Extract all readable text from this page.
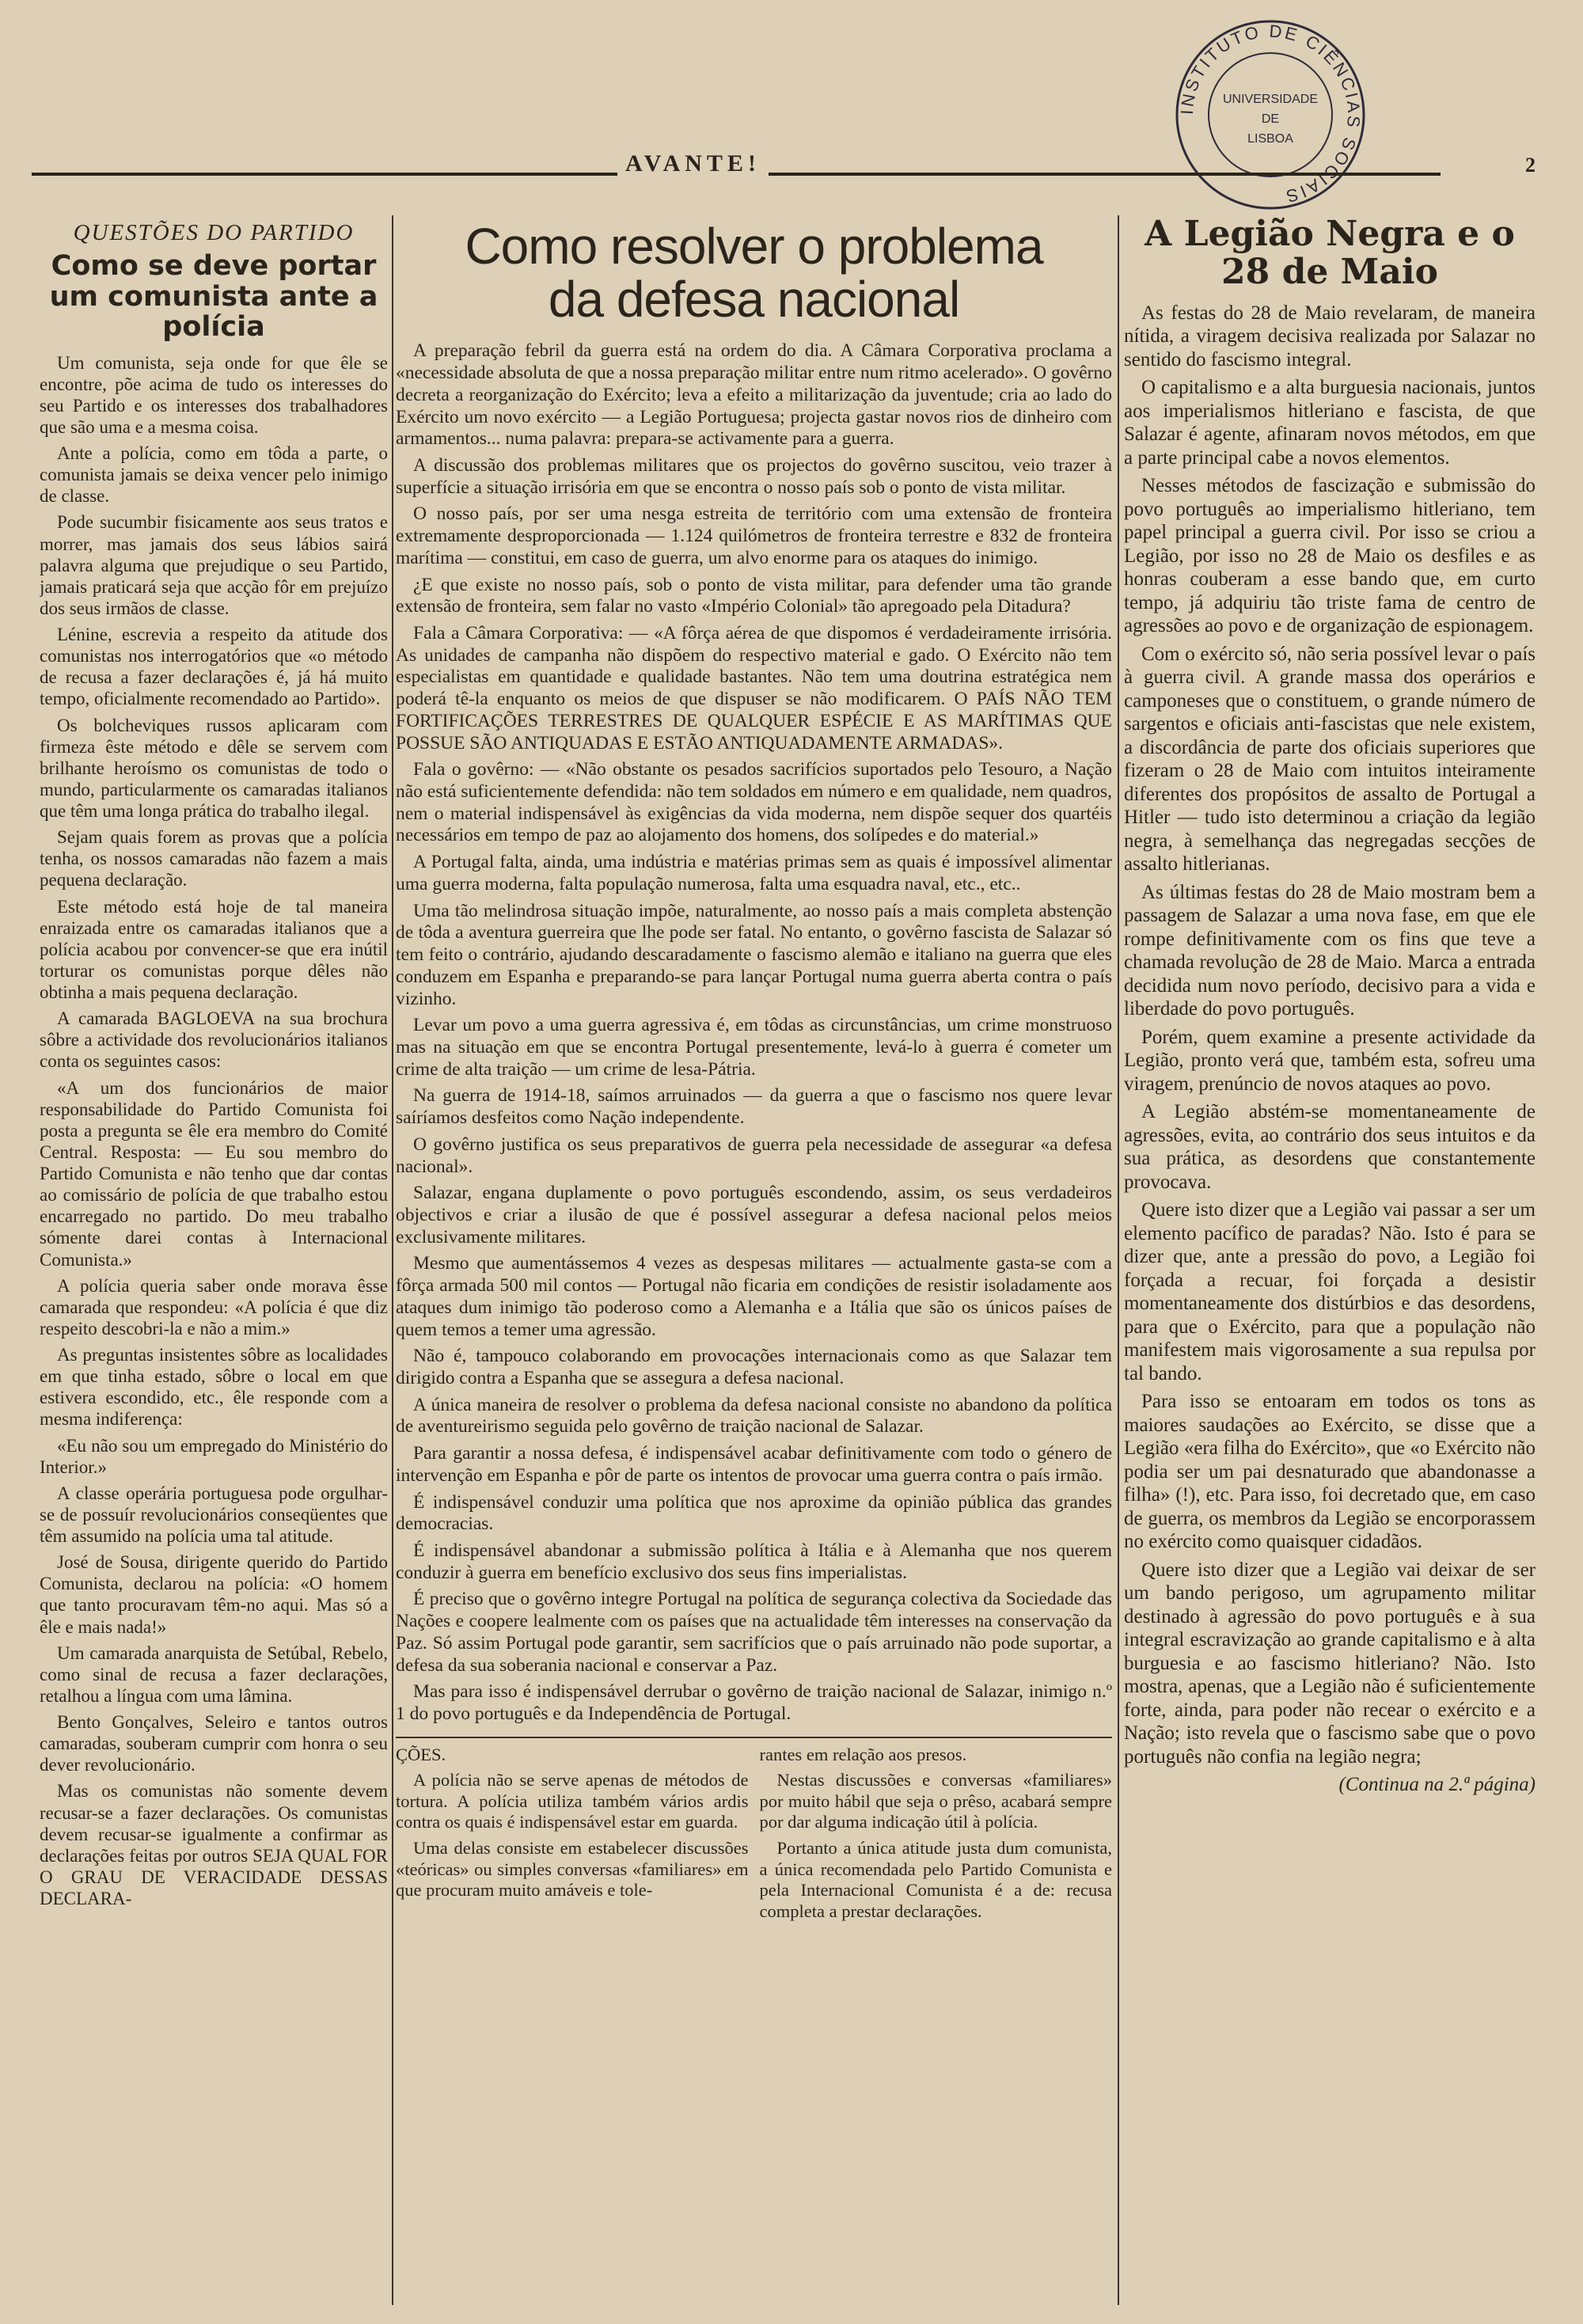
INSTITUTO DE CIÊNCIAS SOCIAIS
UNIVERSIDADE
DE
LISBOA
AVANTE!	2
QUESTÕES DO PARTIDO
Como se deve portar um comunista ante a polícia

Um comunista, seja onde for que êle se encontre, põe acima de tudo os interesses do seu Partido e os interesses dos trabalhadores que são uma e a mesma coisa.

Ante a polícia, como em tôda a parte, o comunista jamais se deixa vencer pelo inimigo de classe.

Pode sucumbir fisicamente aos seus tratos e morrer, mas jamais dos seus lábios sairá palavra alguma que prejudique o seu Partido, jamais praticará seja que acção fôr em prejuízo dos seus irmãos de classe.

Lénine, escrevia a respeito da atitude dos comunistas nos interrogatórios que «o método de recusa a fazer declarações é, já há muito tempo, oficialmente recomendado ao Partido».

Os bolcheviques russos aplicaram com firmeza êste método e dêle se servem com brilhante heroísmo os comunistas de todo o mundo, particularmente os camaradas italianos que têm uma longa prática do trabalho ilegal.

Sejam quais forem as provas que a polícia tenha, os nossos camaradas não fazem a mais pequena declaração.

Este método está hoje de tal maneira enraizada entre os camaradas italianos que a polícia acabou por convencer-se que era inútil torturar os comunistas porque dêles não obtinha a mais pequena declaração.

A camarada BAGLOEVA na sua brochura sôbre a actividade dos revolucionários italianos conta os seguintes casos:

«A um dos funcionários de maior responsabilidade do Partido Comunista foi posta a pregunta se êle era membro do Comité Central. Resposta: — Eu sou membro do Partido Comunista e não tenho que dar contas ao comissário de polícia de que trabalho estou encarregado no partido. Do meu trabalho sómente darei contas à Internacional Comunista.»

A polícia queria saber onde morava êsse camarada que respondeu: «A polícia é que diz respeito descobri-la e não a mim.»

As preguntas insistentes sôbre as localidades em que tinha estado, sôbre o local em que estivera escondido, etc., êle responde com a mesma indiferença:

«Eu não sou um empregado do Ministério do Interior.»

A classe operária portuguesa pode orgulhar-se de possuír revolucionários conseqüentes que têm assumido na polícia uma tal atitude.

José de Sousa, dirigente querido do Partido Comunista, declarou na polícia: «O homem que tanto procuravam têm-no aqui. Mas só a êle e mais nada!»

Um camarada anarquista de Setúbal, Rebelo, como sinal de recusa a fazer declarações, retalhou a língua com uma lâmina.

Bento Gonçalves, Seleiro e tantos outros camaradas, souberam cumprir com honra o seu dever revolucionário.

Mas os comunistas não somente devem recusar-se a fazer declarações. Os comunistas devem recusar-se igualmente a confirmar as declarações feitas por outros SEJA QUAL FOR O GRAU DE VERACIDADE DESSAS DECLARA-

Como resolver o problema
da defesa nacional

A preparação febril da guerra está na ordem do dia. A Câmara Corporativa proclama a «necessidade absoluta de que a nossa preparação militar entre num ritmo acelerado». O govêrno decreta a reorganização do Exército; leva a efeito a militarização da juventude; cria ao lado do Exército um novo exército — a Legião Portuguesa; projecta gastar novos rios de dinheiro com armamentos... numa palavra: prepara-se activamente para a guerra.

A discussão dos problemas militares que os projectos do govêrno suscitou, veio trazer à superfície a situação irrisória em que se encontra o nosso país sob o ponto de vista militar.

O nosso país, por ser uma nesga estreita de território com uma extensão de fronteira extremamente desproporcionada — 1.124 quilómetros de fronteira terrestre e 832 de fronteira marítima — constitui, em caso de guerra, um alvo enorme para os ataques do inimigo.

¿E que existe no nosso país, sob o ponto de vista militar, para defender uma tão grande extensão de fronteira, sem falar no vasto «Império Colonial» tão apregoado pela Ditadura?

Fala a Câmara Corporativa: — «A fôrça aérea de que dispomos é verdadeiramente irrisória. As unidades de campanha não dispõem do respectivo material e gado. O Exército não tem especialistas em quantidade e qualidade bastantes. Não tem uma doutrina estratégica nem poderá tê-la enquanto os meios de que dispuser se não modificarem. O PAÍS NÃO TEM FORTIFICAÇÕES TERRESTRES DE QUALQUER ESPÉCIE E AS MARÍTIMAS QUE POSSUE SÃO ANTIQUADAS E ESTÃO ANTIQUADAMENTE ARMADAS».

Fala o govêrno: — «Não obstante os pesados sacrifícios suportados pelo Tesouro, a Nação não está suficientemente defendida: não tem soldados em número e em qualidade, nem quadros, nem o material indispensável às exigências da vida moderna, nem dispõe sequer dos quartéis necessários em tempo de paz ao alojamento dos homens, dos solípedes e do material.»

A Portugal falta, ainda, uma indústria e matérias primas sem as quais é impossível alimentar uma guerra moderna, falta população numerosa, falta uma esquadra naval, etc., etc..

Uma tão melindrosa situação impõe, naturalmente, ao nosso país a mais completa abstenção de tôda a aventura guerreira que lhe pode ser fatal. No entanto, o govêrno fascista de Salazar só tem feito o contrário, ajudando descaradamente o fascismo alemão e italiano na guerra que eles conduzem em Espanha e preparando-se para lançar Portugal numa guerra aberta contra o país vizinho.

Levar um povo a uma guerra agressiva é, em tôdas as circunstâncias, um crime monstruoso mas na situação em que se encontra Portugal presentemente, levá-lo à guerra é cometer um crime de alta traição — um crime de lesa-Pátria.

Na guerra de 1914-18, saímos arruinados — da guerra a que o fascismo nos quere levar saíríamos desfeitos como Nação independente.

O govêrno justifica os seus preparativos de guerra pela necessidade de assegurar «a defesa nacional».

Salazar, engana duplamente o povo português escondendo, assim, os seus verdadeiros objectivos e criar a ilusão de que é possível assegurar a defesa nacional pelos meios exclusivamente militares.

Mesmo que aumentássemos 4 vezes as despesas militares — actualmente gasta-se com a fôrça armada 500 mil contos — Portugal não ficaria em condições de resistir isoladamente aos ataques dum inimigo tão poderoso como a Alemanha e a Itália que são os únicos países de quem temos a temer uma agressão.

Não é, tampouco colaborando em provocações internacionais como as que Salazar tem dirigido contra a Espanha que se assegura a defesa nacional.

A única maneira de resolver o problema da defesa nacional consiste no abandono da política de aventureirismo seguida pelo govêrno de traição nacional de Salazar.

Para garantir a nossa defesa, é indispensável acabar definitivamente com todo o género de intervenção em Espanha e pôr de parte os intentos de provocar uma guerra contra o país irmão.

É indispensável conduzir uma política que nos aproxime da opinião pública das grandes democracias.

É indispensável abandonar a submissão política à Itália e à Alemanha que nos querem conduzir à guerra em benefício exclusivo dos seus fins imperialistas.

É preciso que o govêrno integre Portugal na política de segurança colectiva da Sociedade das Nações e coopere lealmente com os países que na actualidade têm interesses na conservação da Paz. Só assim Portugal pode garantir, sem sacrifícios que o país arruinado não pode suportar, a defesa da sua soberania nacional e conservar a Paz.

Mas para isso é indispensável derrubar o govêrno de traição nacional de Salazar, inimigo n.º 1 do povo português e da Independência de Portugal.

ÇÕES.

A polícia não se serve apenas de métodos de tortura. A polícia utiliza também vários ardis contra os quais é indispensável estar em guarda.

Uma delas consiste em estabelecer discussões «teóricas» ou simples conversas «familiares» em que procuram muito amáveis e tole-

rantes em relação aos presos.

Nestas discussões e conversas «familiares» por muito hábil que seja o prêso, acabará sempre por dar alguma indicação útil à polícia.

Portanto a única atitude justa dum comunista, a única recomendada pelo Partido Comunista e pela Internacional Comunista é a de: recusa completa a prestar declarações.

A Legião Negra e o 28 de Maio

As festas do 28 de Maio revelaram, de maneira nítida, a viragem decisiva realizada por Salazar no sentido do fascismo integral.

O capitalismo e a alta burguesia nacionais, juntos aos imperialismos hitleriano e fascista, de que Salazar é agente, afinaram novos métodos, em que a parte principal cabe a novos elementos.

Nesses métodos de fascização e submissão do povo português ao imperialismo hitleriano, tem papel principal a guerra civil. Por isso se criou a Legião, por isso no 28 de Maio os desfiles e as honras couberam a esse bando que, em curto tempo, já adquiriu tão triste fama de centro de agressões ao povo e de organização de espionagem.

Com o exército só, não seria possível levar o país à guerra civil. A grande massa dos operários e camponeses que o constituem, o grande número de sargentos e oficiais anti-fascistas que nele existem, a discordância de parte dos oficiais superiores que fizeram o 28 de Maio com intuitos inteiramente diferentes dos propósitos de assalto de Portugal a Hitler — tudo isto determinou a criação da legião negra, à semelhança das negregadas secções de assalto hitlerianas.

As últimas festas do 28 de Maio mostram bem a passagem de Salazar a uma nova fase, em que ele rompe definitivamente com os fins que teve a chamada revolução de 28 de Maio. Marca a entrada decidida num novo período, decisivo para a vida e liberdade do povo português.

Porém, quem examine a presente actividade da Legião, pronto verá que, também esta, sofreu uma viragem, prenúncio de novos ataques ao povo.

A Legião abstém-se momentaneamente de agressões, evita, ao contrário dos seus intuitos e da sua prática, as desordens que constantemente provocava.

Quere isto dizer que a Legião vai passar a ser um elemento pacífico de paradas? Não. Isto é para se dizer que, ante a pressão do povo, a Legião foi forçada a recuar, foi forçada a desistir momentaneamente dos distúrbios e das desordens, para que o Exército, para que a população não manifestem mais vigorosamente a sua repulsa por tal bando.

Para isso se entoaram em todos os tons as maiores saudações ao Exército, se disse que a Legião «era filha do Exército», que «o Exército não podia ser um pai desnaturado que abandonasse a filha» (!), etc. Para isso, foi decretado que, em caso de guerra, os membros da Legião se encorporassem no exército como quaisquer cidadãos.

Quere isto dizer que a Legião vai deixar de ser um bando perigoso, um agrupamento militar destinado à agressão do povo português e à sua integral escravização ao grande capitalismo e à alta burguesia e ao fascismo hitleriano? Não. Isto mostra, apenas, que a Legião não é suficientemente forte, ainda, para poder não recear o exército e a Nação; isto revela que o fascismo sabe que o povo português não confia na legião negra;

(Continua na 2.ª página)
